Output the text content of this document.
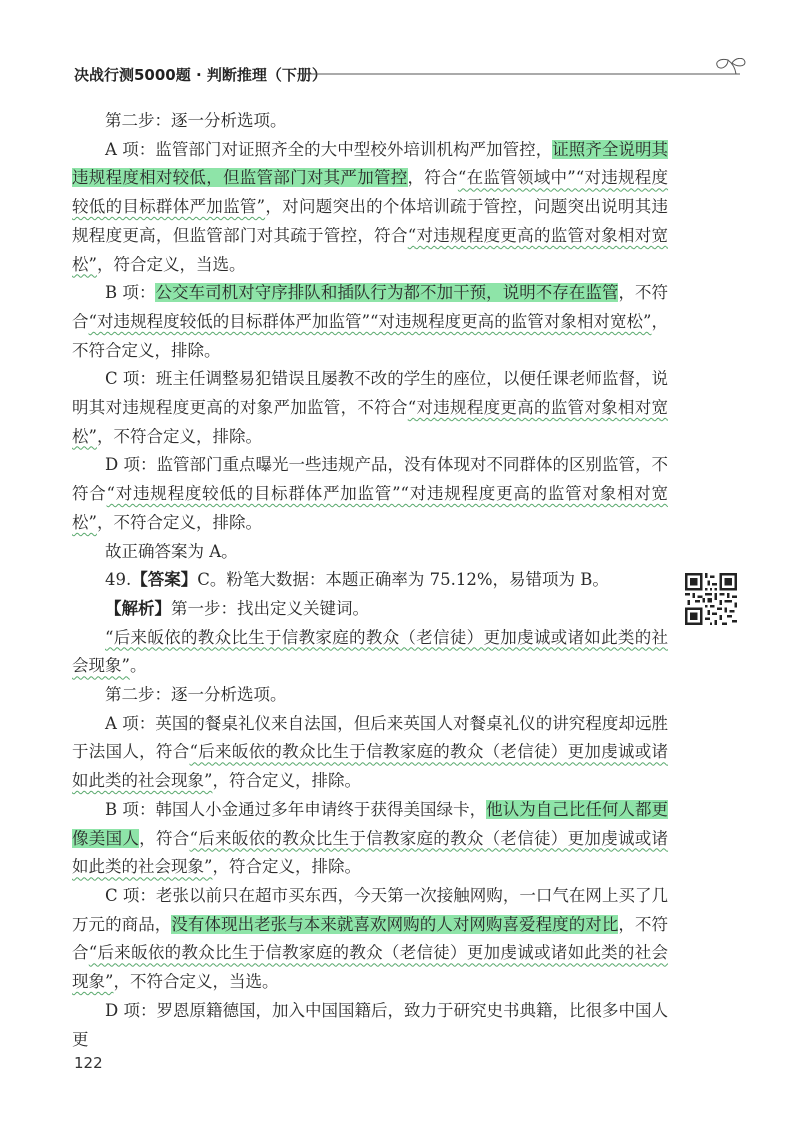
决战行测5000题 · 判断推理（下册）

第二步：逐一分析选项。

A 项：监管部门对证照齐全的大中型校外培训机构严加管控，证照齐全说明其违规程度相对较低，但监管部门对其严加管控，符合“在监管领域中”“对违规程度较低的目标群体严加监管”，对问题突出的个体培训疏于管控，问题突出说明其违规程度更高，但监管部门对其疏于管控，符合“对违规程度更高的监管对象相对宽松”，符合定义，当选。

B 项：公交车司机对守序排队和插队行为都不加干预，说明不存在监管，不符合“对违规程度较低的目标群体严加监管”“对违规程度更高的监管对象相对宽松”，不符合定义，排除。

C 项：班主任调整易犯错误且屡教不改的学生的座位，以便任课老师监督，说明其对违规程度更高的对象严加监管，不符合“对违规程度更高的监管对象相对宽松”，不符合定义，排除。

D 项：监管部门重点曝光一些违规产品，没有体现对不同群体的区别监管，不符合“对违规程度较低的目标群体严加监管”“对违规程度更高的监管对象相对宽松”，不符合定义，排除。

故正确答案为 A。

49.【答案】C。粉笔大数据：本题正确率为 75.12%，易错项为 B。

【解析】第一步：找出定义关键词。

“后来皈依的教众比生于信教家庭的教众（老信徒）更加虔诚或诸如此类的社会现象”。

第二步：逐一分析选项。

A 项：英国的餐桌礼仪来自法国，但后来英国人对餐桌礼仪的讲究程度却远胜于法国人，符合“后来皈依的教众比生于信教家庭的教众（老信徒）更加虔诚或诸如此类的社会现象”，符合定义，排除。

B 项：韩国人小金通过多年申请终于获得美国绿卡，他认为自己比任何人都更像美国人，符合“后来皈依的教众比生于信教家庭的教众（老信徒）更加虔诚或诸如此类的社会现象”，符合定义，排除。

C 项：老张以前只在超市买东西，今天第一次接触网购，一口气在网上买了几万元的商品，没有体现出老张与本来就喜欢网购的人对网购喜爱程度的对比，不符合“后来皈依的教众比生于信教家庭的教众（老信徒）更加虔诚或诸如此类的社会现象”，不符合定义，当选。

D 项：罗恩原籍德国，加入中国国籍后，致力于研究史书典籍，比很多中国人更

122
